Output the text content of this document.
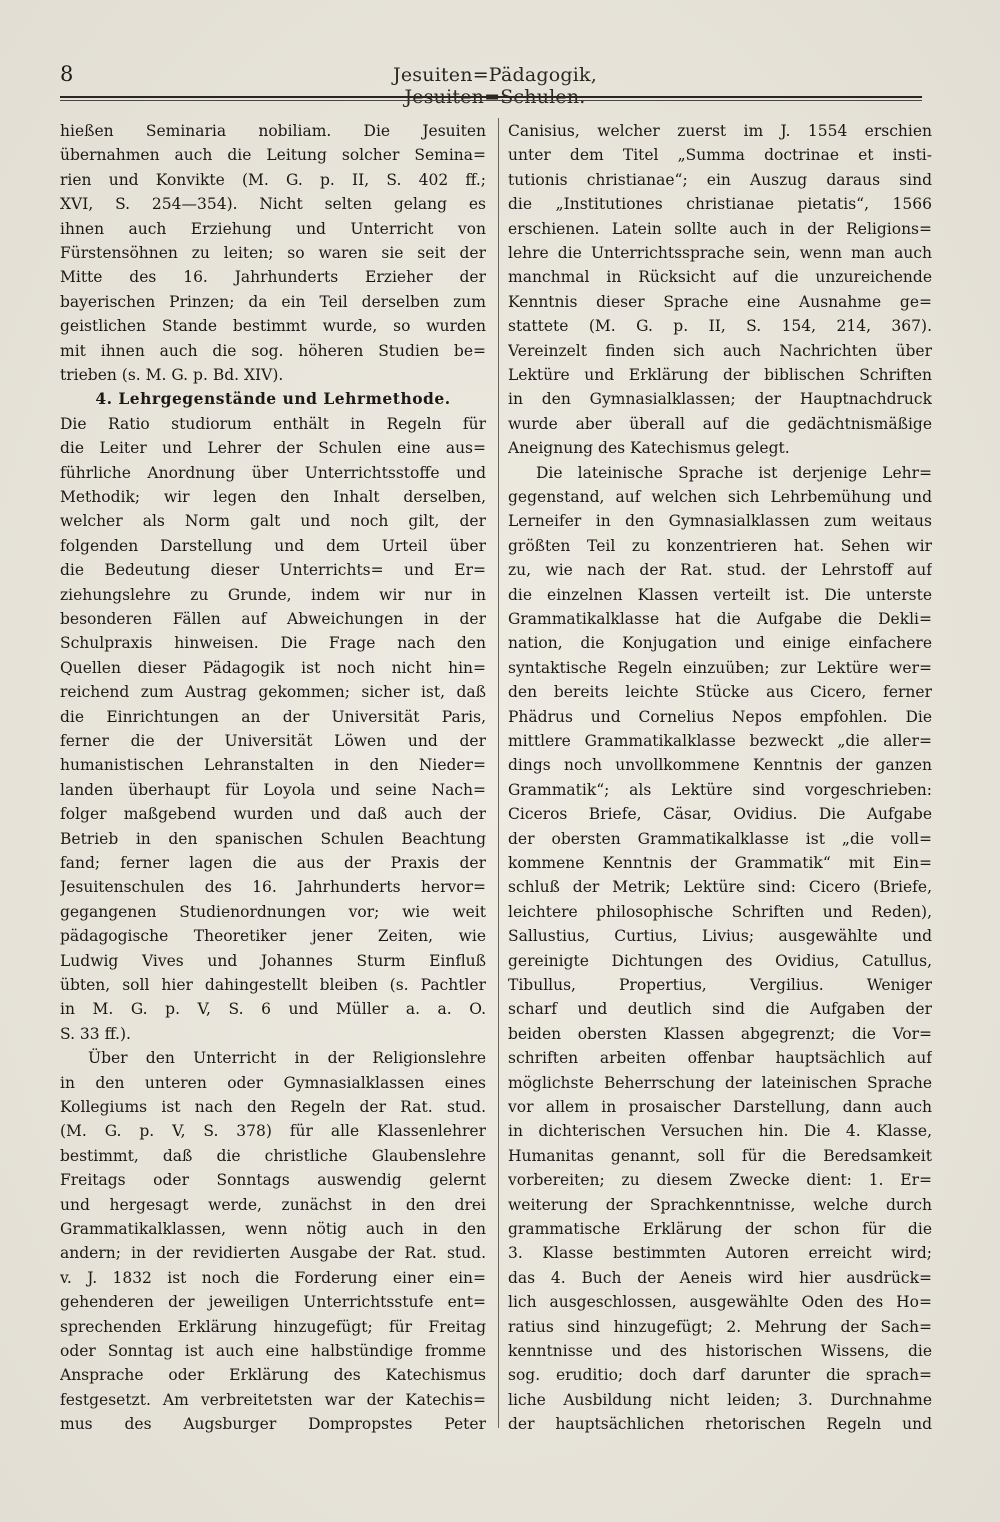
8	Jesuiten=Pädagogik,
hießen Seminaria nobiliam. Die Jesuiten
übernahmen auch die Leitung solcher Semina=
rien und Konvikte (M. G. p. II, S. 402 ff.;
XVI, S. 254—354). Nicht selten gelang es
ihnen auch Erziehung und Unterricht von
Fürstensöhnen zu leiten; so waren sie seit der
Mitte des 16. Jahrhunderts Erzieher der
bayerischen Prinzen; da ein Teil derselben zum
geistlichen Stande bestimmt wurde, so wurden
mit ihnen auch die sog. höheren Studien be=
trieben (s. M. G. p. Bd. XIV).
4. Lehrgegenstände und Lehrmethode.
Die Ratio studiorum enthält in Regeln für
die Leiter und Lehrer der Schulen eine aus=
führliche Anordnung über Unterrichtsstoffe und
Methodik; wir legen den Inhalt derselben,
welcher als Norm galt und noch gilt, der
folgenden Darstellung und dem Urteil über
die Bedeutung dieser Unterrichts= und Er=
ziehungslehre zu Grunde, indem wir nur in
besonderen Fällen auf Abweichungen in der
Schulpraxis hinweisen. Die Frage nach den
Quellen dieser Pädagogik ist noch nicht hin=
reichend zum Austrag gekommen; sicher ist, daß
die Einrichtungen an der Universität Paris,
ferner die der Universität Löwen und der
humanistischen Lehranstalten in den Nieder=
landen überhaupt für Loyola und seine Nach=
folger maßgebend wurden und daß auch der
Betrieb in den spanischen Schulen Beachtung
fand; ferner lagen die aus der Praxis der
Jesuitenschulen des 16. Jahrhunderts hervor=
gegangenen Studienordnungen vor; wie weit
pädagogische Theoretiker jener Zeiten, wie
Ludwig Vives und Johannes Sturm Einfluß
übten, soll hier dahingestellt bleiben (s. Pachtler
in M. G. p. V, S. 6 und Müller a. a. O.
S. 33 ff.).
Über den Unterricht in der Religionslehre
in den unteren oder Gymnasialklassen eines
Kollegiums ist nach den Regeln der Rat. stud.
(M. G. p. V, S. 378) für alle Klassenlehrer
bestimmt, daß die christliche Glaubenslehre
Freitags oder Sonntags auswendig gelernt
und hergesagt werde, zunächst in den drei
Grammatikalklassen, wenn nötig auch in den
andern; in der revidierten Ausgabe der Rat. stud.
v. J. 1832 ist noch die Forderung einer ein=
gehenderen der jeweiligen Unterrichtsstufe ent=
sprechenden Erklärung hinzugefügt; für Freitag
oder Sonntag ist auch eine halbstündige fromme
Ansprache oder Erklärung des Katechismus
festgesetzt. Am verbreitetsten war der Katechis=
mus des Augsburger Dompropstes Peter
Canisius, welcher zuerst im J. 1554 erschien
unter dem Titel „Summa doctrinae et insti-
tutionis christianae“; ein Auszug daraus sind
die „Institutiones christianae pietatis“, 1566
erschienen. Latein sollte auch in der Religions=
lehre die Unterrichtssprache sein, wenn man auch
manchmal in Rücksicht auf die unzureichende
Kenntnis dieser Sprache eine Ausnahme ge=
stattete (M. G. p. II, S. 154, 214, 367).
Vereinzelt finden sich auch Nachrichten über
Lektüre und Erklärung der biblischen Schriften
in den Gymnasialklassen; der Hauptnachdruck
wurde aber überall auf die gedächtnismäßige
Aneignung des Katechismus gelegt.
Die lateinische Sprache ist derjenige Lehr=
gegenstand, auf welchen sich Lehrbemühung und
Lerneifer in den Gymnasialklassen zum weitaus
größten Teil zu konzentrieren hat. Sehen wir
zu, wie nach der Rat. stud. der Lehrstoff auf
die einzelnen Klassen verteilt ist. Die unterste
Grammatikalklasse hat die Aufgabe die Dekli=
nation, die Konjugation und einige einfachere
syntaktische Regeln einzuüben; zur Lektüre wer=
den bereits leichte Stücke aus Cicero, ferner
Phädrus und Cornelius Nepos empfohlen. Die
mittlere Grammatikalklasse bezweckt „die aller=
dings noch unvollkommene Kenntnis der ganzen
Grammatik“; als Lektüre sind vorgeschrieben:
Ciceros Briefe, Cäsar, Ovidius. Die Aufgabe
der obersten Grammatikalklasse ist „die voll=
kommene Kenntnis der Grammatik“ mit Ein=
schluß der Metrik; Lektüre sind: Cicero (Briefe,
leichtere philosophische Schriften und Reden),
Sallustius, Curtius, Livius; ausgewählte und
gereinigte Dichtungen des Ovidius, Catullus,
Tibullus, Propertius, Vergilius. Weniger
scharf und deutlich sind die Aufgaben der
beiden obersten Klassen abgegrenzt; die Vor=
schriften arbeiten offenbar hauptsächlich auf
möglichste Beherrschung der lateinischen Sprache
vor allem in prosaischer Darstellung, dann auch
in dichterischen Versuchen hin. Die 4. Klasse,
Humanitas genannt, soll für die Beredsamkeit
vorbereiten; zu diesem Zwecke dient: 1. Er=
weiterung der Sprachkenntnisse, welche durch
grammatische Erklärung der schon für die
3. Klasse bestimmten Autoren erreicht wird;
das 4. Buch der Aeneis wird hier ausdrück=
lich ausgeschlossen, ausgewählte Oden des Ho=
ratius sind hinzugefügt; 2. Mehrung der Sach=
kenntnisse und des historischen Wissens, die
sog. eruditio; doch darf darunter die sprach=
liche Ausbildung nicht leiden; 3. Durchnahme
der hauptsächlichen rhetorischen Regeln und
